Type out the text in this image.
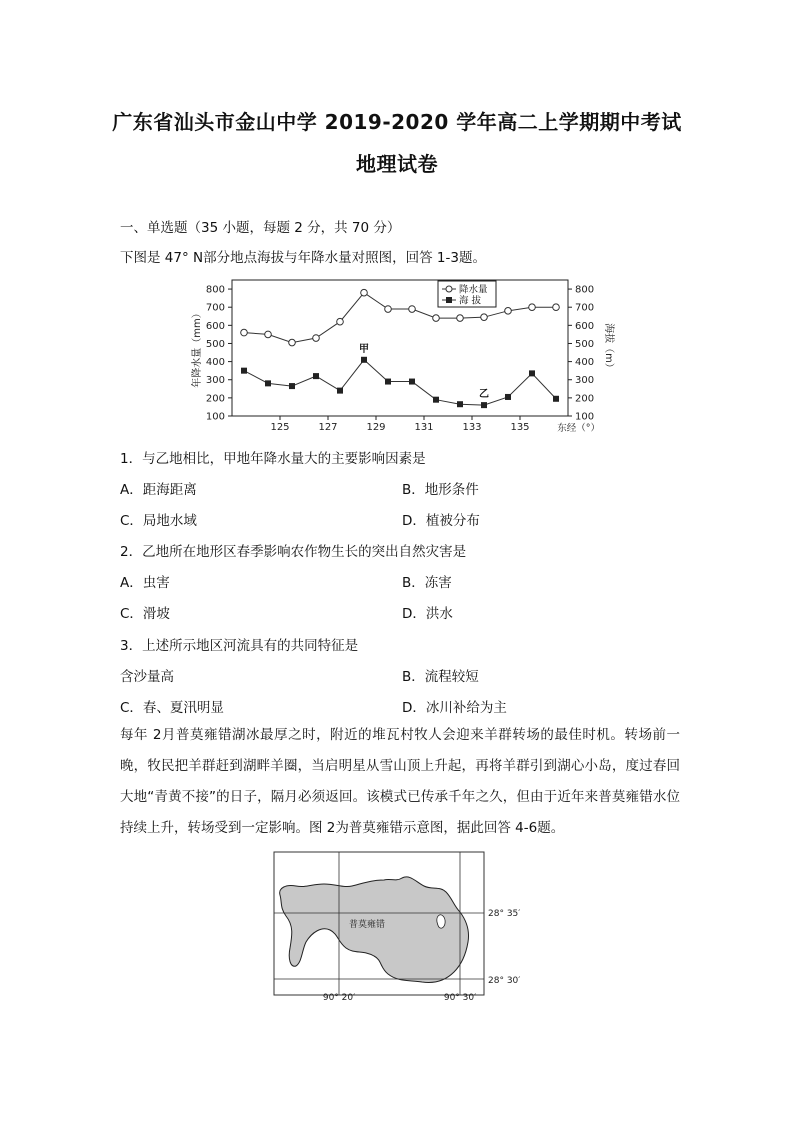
广东省汕头市金山中学 2019-2020 学年高二上学期期中考试
地理试卷
一、单选题（35 小题，每题 2 分，共 70 分）
下图是 47° N部分地点海拔与年降水量对照图，回答 1-3题。
100	100
200	200
300	300
400	400
500	500
600	600
700	700
800	800
125	127	129	131	133	135
年降水量（mm）	海拔（m）
东经（°）
甲
乙
降水量
海 拔
1．与乙地相比，甲地年降水量大的主要影响因素是
A．距海距离	B．地形条件
C．局地水域	D．植被分布
2．乙地所在地形区春季影响农作物生长的突出自然灾害是
A．虫害	B．冻害
C．滑坡	D．洪水
3．上述所示地区河流具有的共同特征是
含沙量高	B．流程较短
C．春、夏汛明显	D．冰川补给为主
每年 2月普莫雍错湖冰最厚之时，附近的堆瓦村牧人会迎来羊群转场的最佳时机。转场前一晚，牧民把羊群赶到湖畔羊圈，当启明星从雪山顶上升起，再将羊群引到湖心小岛，度过春回大地“青黄不接”的日子，隔月必须返回。该模式已传承千年之久，但由于近年来普莫雍错水位持续上升，转场受到一定影响。图 2为普莫雍错示意图，据此回答 4-6题。
普莫雍错
28° 35′
28° 30′
90° 20′	90° 30′
